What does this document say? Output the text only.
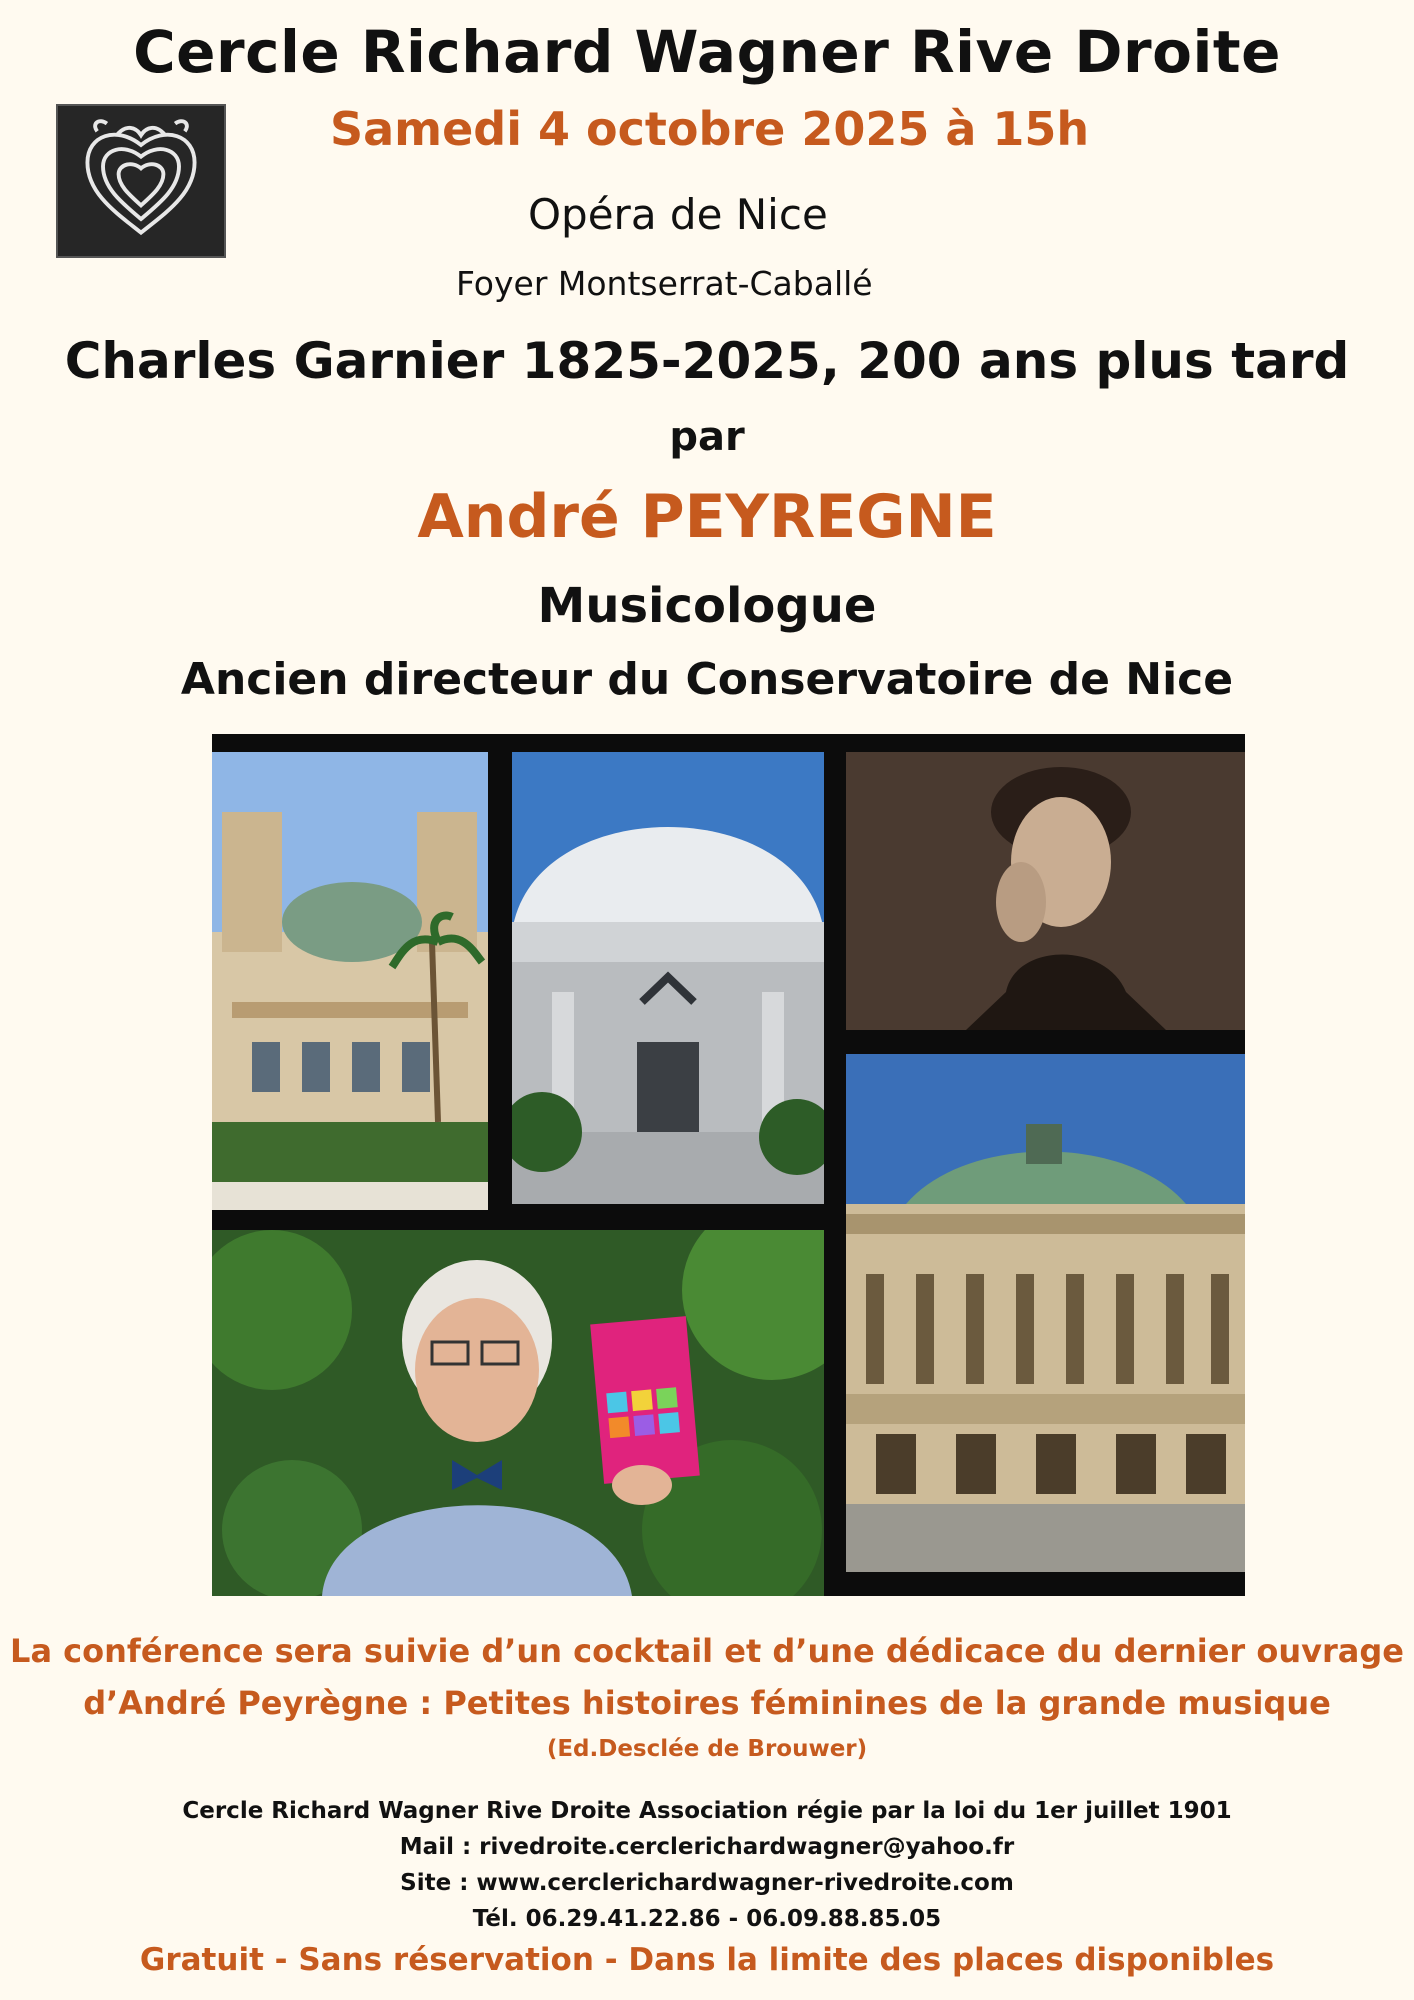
Cercle Richard Wagner Rive Droite
Samedi 4 octobre 2025 à 15h
Opéra de Nice
Foyer Montserrat-Caballé
Charles Garnier 1825-2025, 200 ans plus tard
par
André PEYREGNE
Musicologue
Ancien directeur du Conservatoire de Nice
La conférence sera suivie d’un cocktail et d’une dédicace du dernier ouvrage
d’André Peyrègne : Petites histoires féminines de la grande musique
(Ed.Desclée de Brouwer)
Cercle Richard Wagner Rive Droite Association régie par la loi du 1er juillet 1901
Mail : rivedroite.cerclerichardwagner@yahoo.fr
Site : www.cerclerichardwagner-rivedroite.com
Tél. 06.29.41.22.86 - 06.09.88.85.05
Gratuit - Sans réservation - Dans la limite des places disponibles
